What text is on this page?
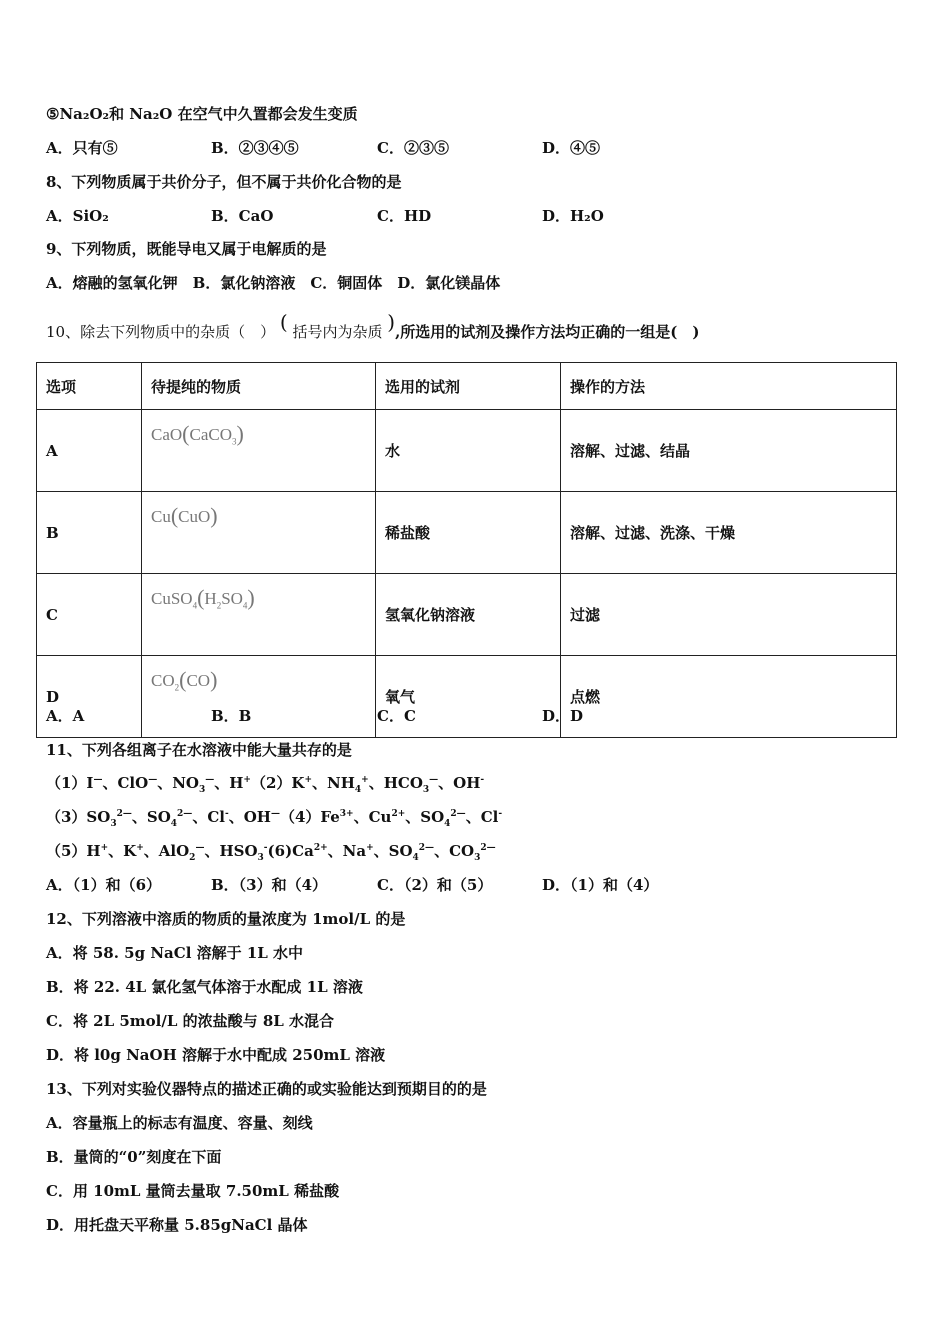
⑤Na₂O₂和 Na₂O 在空气中久置都会发生变质
A．只有⑤	B．②③④⑤	C．②③⑤	D．④⑤
8、下列物质属于共价分子，但不属于共价化合物的是
A．SiO₂	B．CaO	C．HD	D．H₂O
9、下列物质，既能导电又属于电解质的是
A．熔融的氢氧化钾　B．氯化钠溶液　C．铜固体　D．氯化镁晶体
10、除去下列物质中的杂质（　） ( 括号内为杂质 ),所选用的试剂及操作方法均正确的一组是(　)
选项	待提纯的物质	选用的试剂	操作的方法
A	CaO(CaCO$_3$)	水	溶解、过滤、结晶
B	Cu(CuO)	稀盐酸	溶解、过滤、洗涤、干燥
C	$CuSO_4(H_2SO_4)$	氢氧化钠溶液	过滤
D	$CO_2(CO)$	氧气	点燃
A．A	B．B	C．C	D．D
11、下列各组离子在水溶液中能大量共存的是
（1）I—、ClO—、$NO_3^—$、H+（2）K+、$NH_4^+$、$HCO_3^—$、OH-
$(3)SO_3^{2—}$、$SO_4^{2—}$、Cl-、$OH^—(4)Fe^{3+}$、$Cu^{2+}$、$SO_4^{2—}$、Cl-
（5）H+、K+、AlO$_2$—、$HSO_3^-(6)Ca^{2+}$、Na+、$SO_4^{2—}$、$CO_3^{2—}$
A．（1）和（6）	B．（3）和（4）	C．（2）和（5）	D．（1）和（4）
12、下列溶液中溶质的物质的量浓度为 1mol/L 的是
A．将 58. 5g NaCl 溶解于 1L 水中
B．将 22. 4L 氯化氢气体溶于水配成 1L 溶液
C．将 2L 5mol/L 的浓盐酸与 8L 水混合
D．将 l0g NaOH 溶解于水中配成 250mL 溶液
13、下列对实验仪器特点的描述正确的或实验能达到预期目的的是
A．容量瓶上的标志有温度、容量、刻线
B．量筒的“0”刻度在下面
C．用 10mL 量筒去量取 7.50mL 稀盐酸
D．用托盘天平称量 5.85gNaCl 晶体
